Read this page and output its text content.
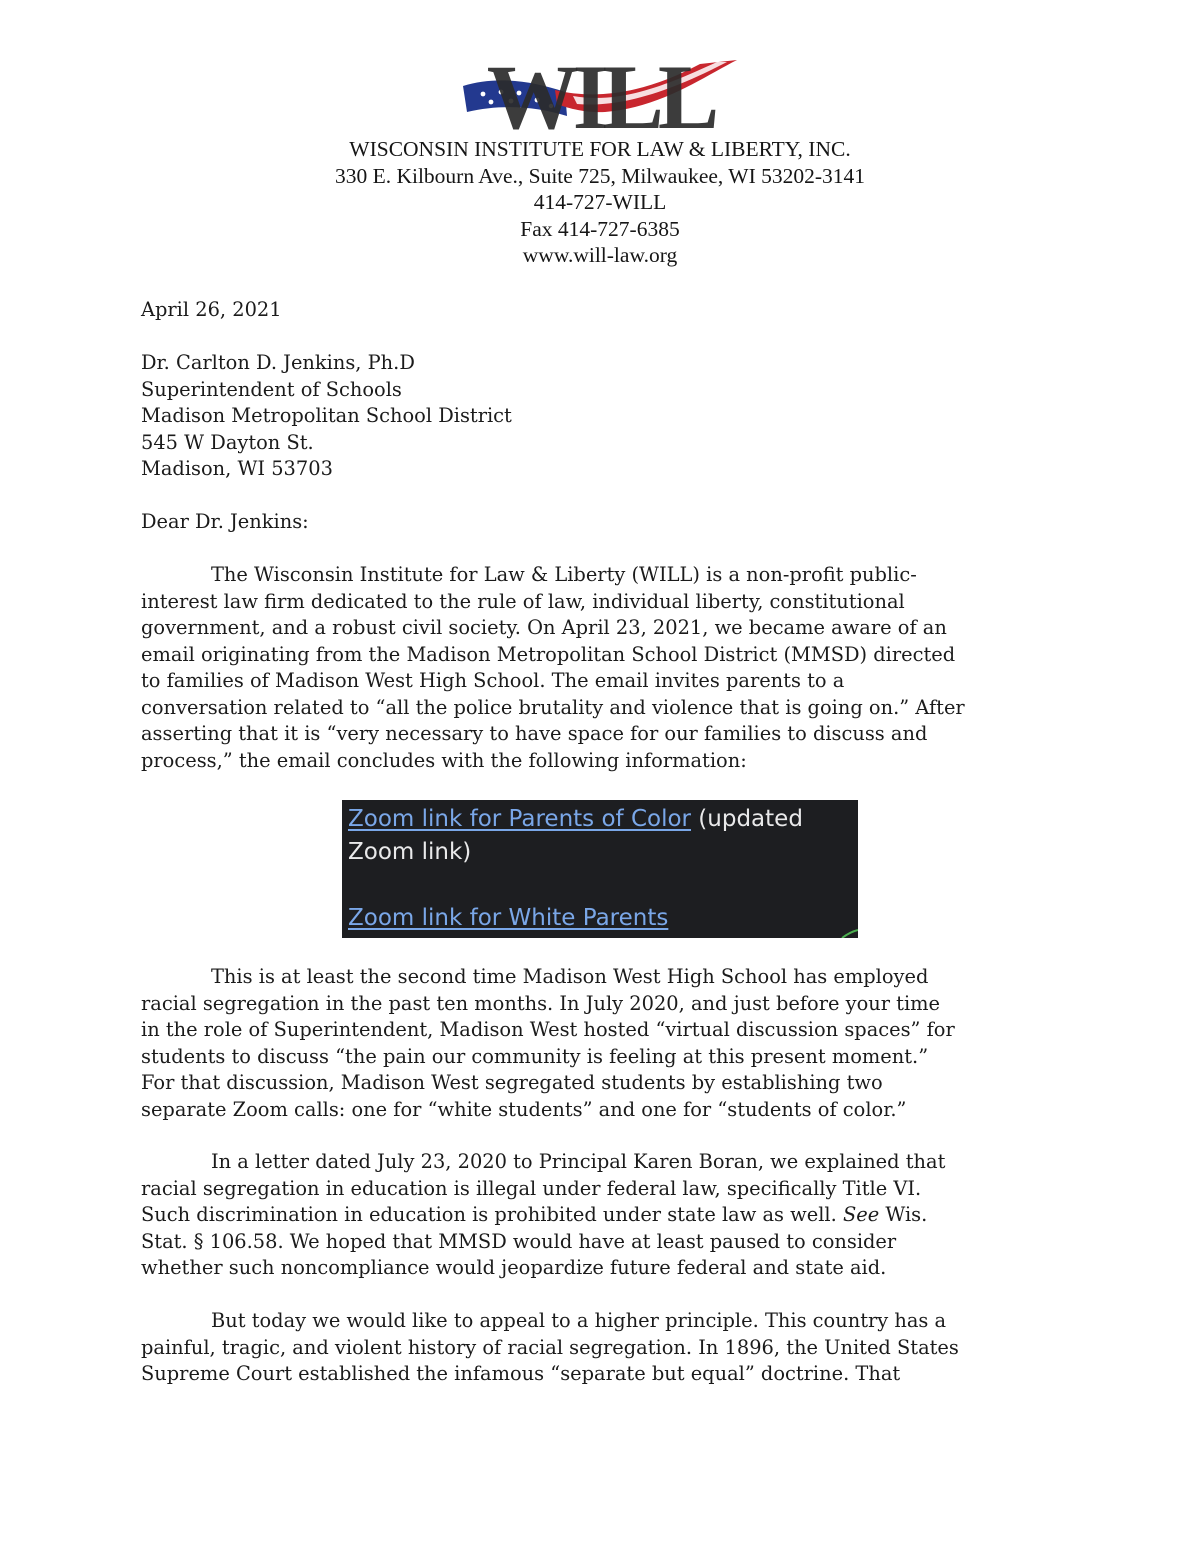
WILL
WISCONSIN INSTITUTE FOR LAW & LIBERTY, INC.
330 E. Kilbourn Ave., Suite 725, Milwaukee, WI 53202-3141
414-727-WILL
Fax 414-727-6385
www.will-law.org
April 26, 2021
Dr. Carlton D. Jenkins, Ph.D
Superintendent of Schools
Madison Metropolitan School District
545 W Dayton St.
Madison, WI 53703
Dear Dr. Jenkins:
The Wisconsin Institute for Law & Liberty (WILL) is a non-profit public-
interest law firm dedicated to the rule of law, individual liberty, constitutional
government, and a robust civil society. On April 23, 2021, we became aware of an
email originating from the Madison Metropolitan School District (MMSD) directed
to families of Madison West High School. The email invites parents to a
conversation related to “all the police brutality and violence that is going on.” After
asserting that it is “very necessary to have space for our families to discuss and
process,” the email concludes with the following information:
Zoom link for Parents of Color (updated
Zoom link)

Zoom link for White Parents
This is at least the second time Madison West High School has employed
racial segregation in the past ten months. In July 2020, and just before your time
in the role of Superintendent, Madison West hosted “virtual discussion spaces” for
students to discuss “the pain our community is feeling at this present moment.”
For that discussion, Madison West segregated students by establishing two
separate Zoom calls: one for “white students” and one for “students of color.”
In a letter dated July 23, 2020 to Principal Karen Boran, we explained that
racial segregation in education is illegal under federal law, specifically Title VI.
Such discrimination in education is prohibited under state law as well. See Wis.
Stat. § 106.58. We hoped that MMSD would have at least paused to consider
whether such noncompliance would jeopardize future federal and state aid.
But today we would like to appeal to a higher principle. This country has a
painful, tragic, and violent history of racial segregation. In 1896, the United States
Supreme Court established the infamous “separate but equal” doctrine. That
